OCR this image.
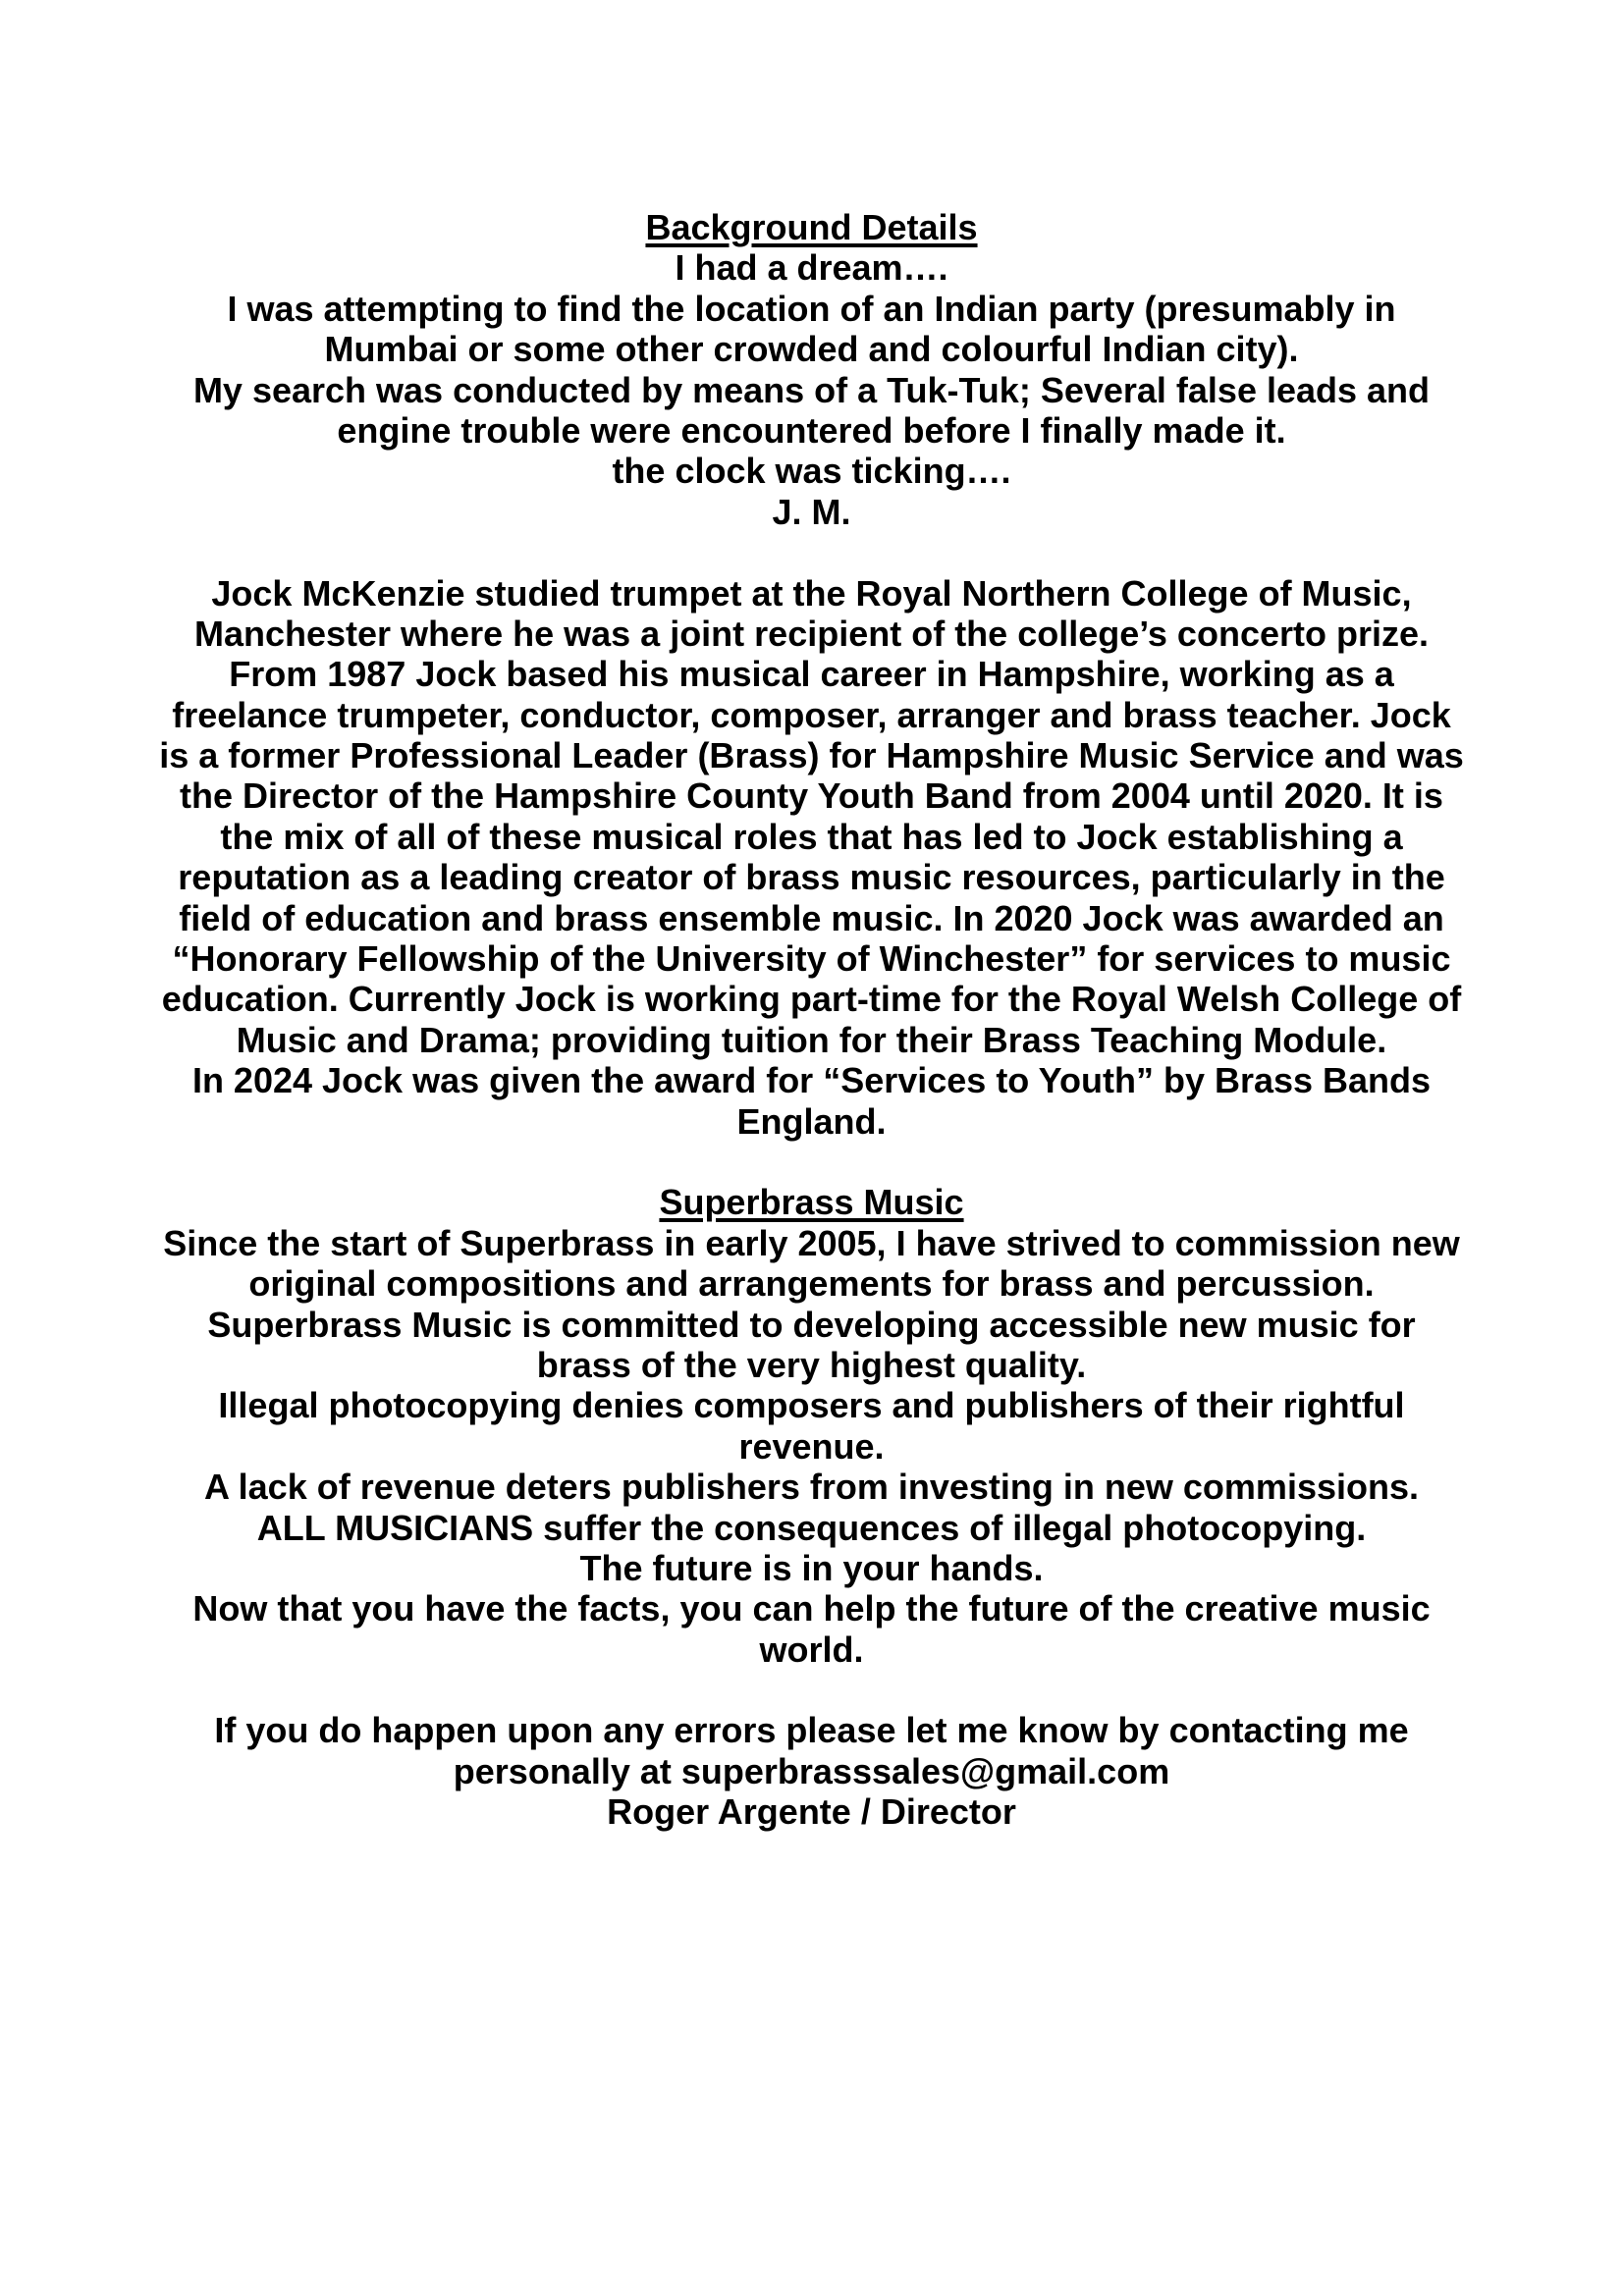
Background Details
I had a dream….
I was attempting to find the location of an Indian party (presumably in
Mumbai or some other crowded and colourful Indian city).
My search was conducted by means of a Tuk-Tuk; Several false leads and
engine trouble were encountered before I finally made it.
the clock was ticking….
J. M.
Jock McKenzie studied trumpet at the Royal Northern College of Music,
Manchester where he was a joint recipient of the college’s concerto prize.
From 1987 Jock based his musical career in Hampshire, working as a
freelance trumpeter, conductor, composer, arranger and brass teacher. Jock
is a former Professional Leader (Brass) for Hampshire Music Service and was
the Director of the Hampshire County Youth Band from 2004 until 2020. It is
the mix of all of these musical roles that has led to Jock establishing a
reputation as a leading creator of brass music resources, particularly in the
field of education and brass ensemble music. In 2020 Jock was awarded an
“Honorary Fellowship of the University of Winchester” for services to music
education. Currently Jock is working part-time for the Royal Welsh College of
Music and Drama; providing tuition for their Brass Teaching Module.
In 2024 Jock was given the award for “Services to Youth” by Brass Bands
England.
Superbrass Music
Since the start of Superbrass in early 2005, I have strived to commission new
original compositions and arrangements for brass and percussion.
Superbrass Music is committed to developing accessible new music for
brass of the very highest quality.
Illegal photocopying denies composers and publishers of their rightful
revenue.
A lack of revenue deters publishers from investing in new commissions.
ALL MUSICIANS suffer the consequences of illegal photocopying.
The future is in your hands.
Now that you have the facts, you can help the future of the creative music
world.
If you do happen upon any errors please let me know by contacting me
personally at superbrasssales@gmail.com
Roger Argente / Director
